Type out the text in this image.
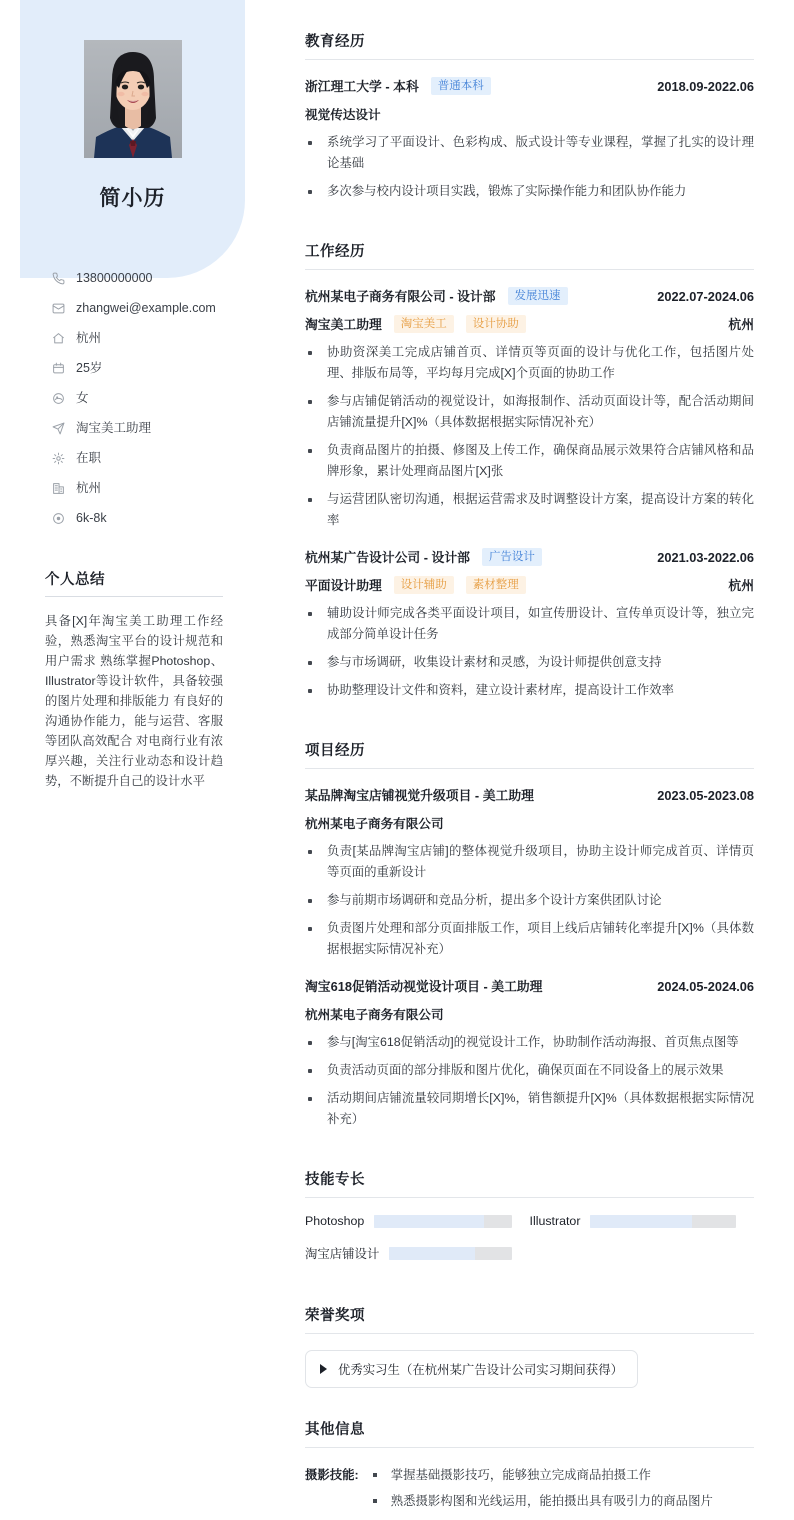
简小历
13800000000
zhangwei@example.com
杭州
25岁
女
淘宝美工助理
在职
杭州
6k-8k
个人总结
具备[X]年淘宝美工助理工作经验，熟悉淘宝平台的设计规范和用户需求 熟练掌握Photoshop、Illustrator等设计软件，具备较强的图片处理和排版能力 有良好的沟通协作能力，能与运营、客服等团队高效配合 对电商行业有浓厚兴趣，关注行业动态和设计趋势，不断提升自己的设计水平
教育经历
浙江理工大学 - 本科	普通本科	2018.09-2022.06
视觉传达设计
系统学习了平面设计、色彩构成、版式设计等专业课程，掌握了扎实的设计理论基础
多次参与校内设计项目实践，锻炼了实际操作能力和团队协作能力
工作经历
杭州某电子商务有限公司 - 设计部	发展迅速	2022.07-2024.06
淘宝美工助理	淘宝美工	设计协助	杭州
协助资深美工完成店铺首页、详情页等页面的设计与优化工作，包括图片处理、排版布局等，平均每月完成[X]个页面的协助工作
参与店铺促销活动的视觉设计，如海报制作、活动页面设计等，配合活动期间店铺流量提升[X]%（具体数据根据实际情况补充）
负责商品图片的拍摄、修图及上传工作，确保商品展示效果符合店铺风格和品牌形象，累计处理商品图片[X]张
与运营团队密切沟通，根据运营需求及时调整设计方案，提高设计方案的转化率
杭州某广告设计公司 - 设计部	广告设计	2021.03-2022.06
平面设计助理	设计辅助	素材整理	杭州
辅助设计师完成各类平面设计项目，如宣传册设计、宣传单页设计等，独立完成部分简单设计任务
参与市场调研，收集设计素材和灵感，为设计师提供创意支持
协助整理设计文件和资料，建立设计素材库，提高设计工作效率
项目经历
某品牌淘宝店铺视觉升级项目 - 美工助理	2023.05-2023.08
杭州某电子商务有限公司
负责[某品牌淘宝店铺]的整体视觉升级项目，协助主设计师完成首页、详情页等页面的重新设计
参与前期市场调研和竞品分析，提出多个设计方案供团队讨论
负责图片处理和部分页面排版工作，项目上线后店铺转化率提升[X]%（具体数据根据实际情况补充）
淘宝618促销活动视觉设计项目 - 美工助理	2024.05-2024.06
杭州某电子商务有限公司
参与[淘宝618促销活动]的视觉设计工作，协助制作活动海报、首页焦点图等
负责活动页面的部分排版和图片优化，确保页面在不同设备上的展示效果
活动期间店铺流量较同期增长[X]%，销售额提升[X]%（具体数据根据实际情况补充）
技能专长
Photoshop	Illustrator
淘宝店铺设计
荣誉奖项
优秀实习生（在杭州某广告设计公司实习期间获得）
其他信息
摄影技能:	掌握基础摄影技巧，能够独立完成商品拍摄工作
熟悉摄影构图和光线运用，能拍摄出具有吸引力的商品图片
